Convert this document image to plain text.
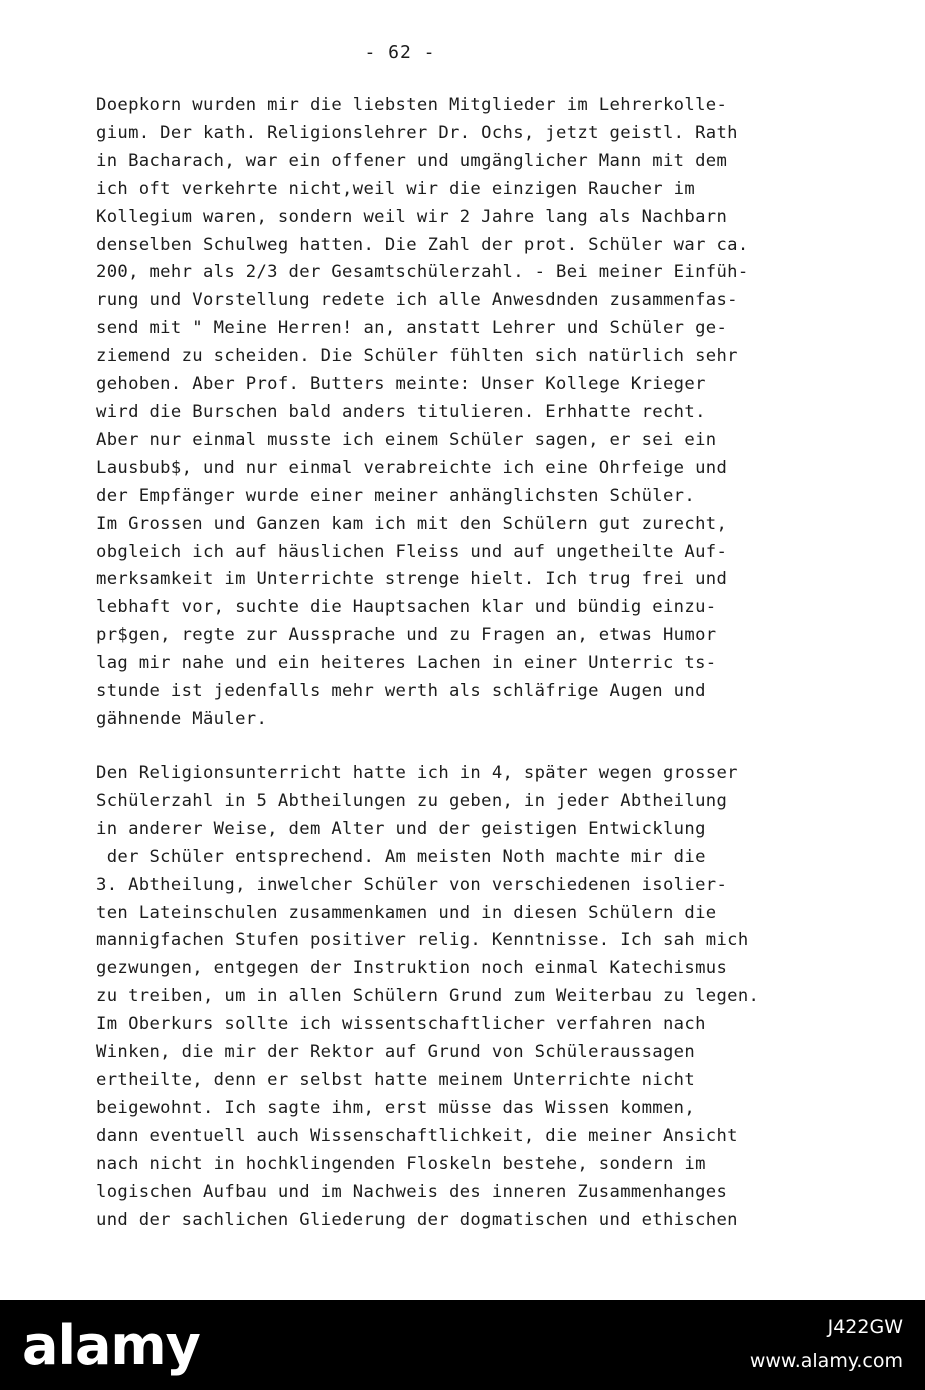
- 62 -

Doepkorn wurden mir die liebsten Mitglieder im Lehrerkolle-
gium. Der kath. Religionslehrer Dr. Ochs, jetzt geistl. Rath
in Bacharach, war ein offener und umgänglicher Mann mit dem
ich oft verkehrte nicht,weil wir die einzigen Raucher im
Kollegium waren, sondern weil wir 2 Jahre lang als Nachbarn
denselben Schulweg hatten. Die Zahl der prot. Schüler war ca.
200, mehr als 2/3 der Gesamtschülerzahl. - Bei meiner Einfüh-
rung und Vorstellung redete ich alle Anwesdnden zusammenfas-
send mit " Meine Herren! an, anstatt Lehrer und Schüler ge-
ziemend zu scheiden. Die Schüler fühlten sich natürlich sehr
gehoben. Aber Prof. Butters meinte: Unser Kollege Krieger
wird die Burschen bald anders titulieren. Erhhatte recht.
Aber nur einmal musste ich einem Schüler sagen, er sei ein
Lausbub$, und nur einmal verabreichte ich eine Ohrfeige und
der Empfänger wurde einer meiner anhänglichsten Schüler.
Im Grossen und Ganzen kam ich mit den Schülern gut zurecht,
obgleich ich auf häuslichen Fleiss und auf ungetheilte Auf-
merksamkeit im Unterrichte strenge hielt. Ich trug frei und
lebhaft vor, suchte die Hauptsachen klar und bündig einzu-
pr$gen, regte zur Aussprache und zu Fragen an, etwas Humor
lag mir nahe und ein heiteres Lachen in einer Unterric ts-
stunde ist jedenfalls mehr werth als schläfrige Augen und
gähnende Mäuler.

Den Religionsunterricht hatte ich in 4, später wegen grosser
Schülerzahl in 5 Abtheilungen zu geben, in jeder Abtheilung
in anderer Weise, dem Alter und der geistigen Entwicklung
der Schüler entsprechend. Am meisten Noth machte mir die
3. Abtheilung, inwelcher Schüler von verschiedenen isolier-
ten Lateinschulen zusammenkamen und in diesen Schülern die
mannigfachen Stufen positiver relig. Kenntnisse. Ich sah mich
gezwungen, entgegen der Instruktion noch einmal Katechismus
zu treiben, um in allen Schülern Grund zum Weiterbau zu legen.
Im Oberkurs sollte ich wissentschaftlicher verfahren nach
Winken, die mir der Rektor auf Grund von Schüleraussagen
ertheilte, denn er selbst hatte meinem Unterrichte nicht
beigewohnt. Ich sagte ihm, erst müsse das Wissen kommen,
dann eventuell auch Wissenschaftlichkeit, die meiner Ansicht
nach nicht in hochklingenden Floskeln bestehe, sondern im
logischen Aufbau und im Nachweis des inneren Zusammenhanges
und der sachlichen Gliederung der dogmatischen und ethischen

alamy	J422GW
www.alamy.com
